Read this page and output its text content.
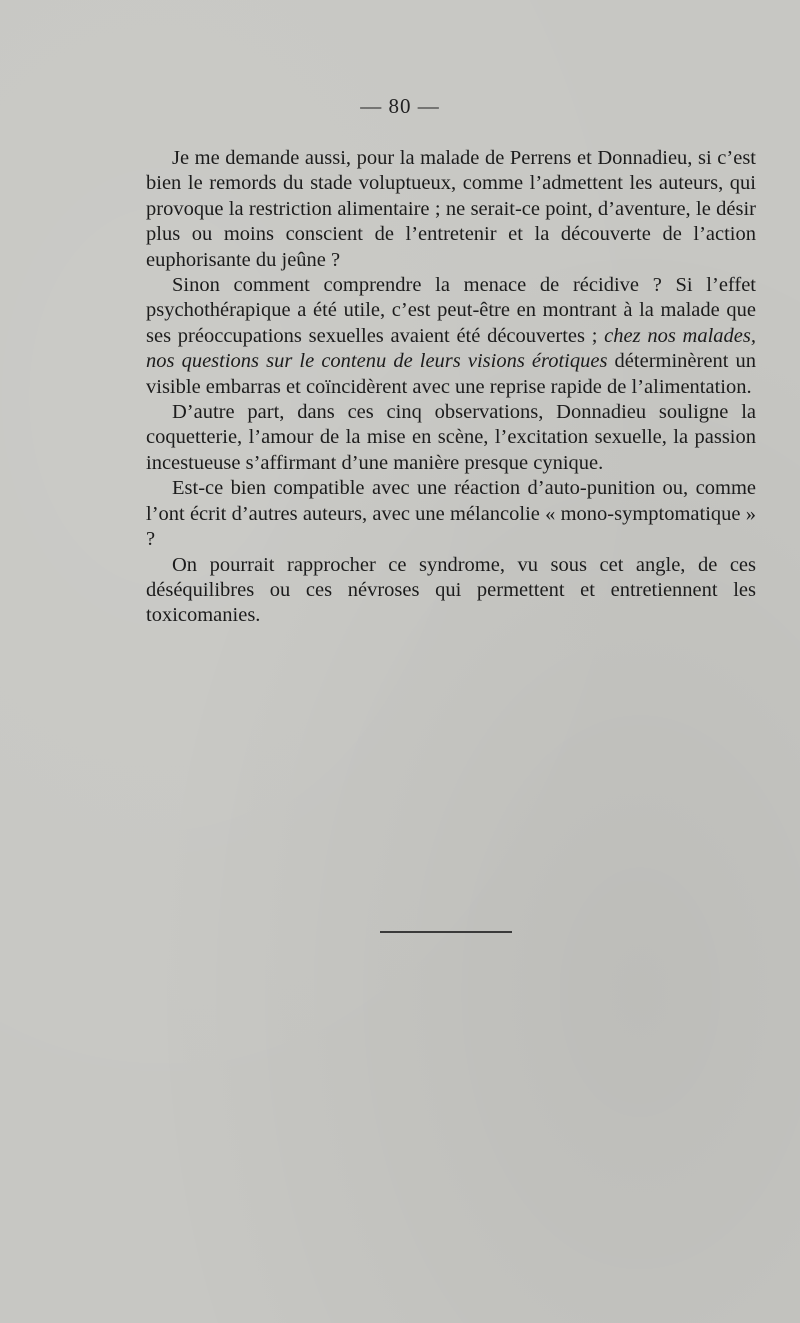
— 80 —

Je me demande aussi, pour la malade de Perrens et Donnadieu, si c’est bien le remords du stade voluptueux, comme l’admettent les auteurs, qui provoque la restriction alimentaire ; ne serait-ce point, d’aventure, le désir plus ou moins conscient de l’entretenir et la découverte de l’action euphorisante du jeûne ?

Sinon comment comprendre la menace de récidive ? Si l’effet psychothérapique a été utile, c’est peut-être en montrant à la malade que ses préoccupations sexuelles avaient été découvertes ; chez nos malades, nos questions sur le contenu de leurs visions érotiques déterminèrent un visible embarras et coïncidèrent avec une reprise rapide de l’alimentation.

D’autre part, dans ces cinq observations, Donnadieu souligne la coquetterie, l’amour de la mise en scène, l’excitation sexuelle, la passion incestueuse s’affirmant d’une manière presque cynique.

Est-ce bien compatible avec une réaction d’auto-punition ou, comme l’ont écrit d’autres auteurs, avec une mélancolie « mono-symptomatique » ?

On pourrait rapprocher ce syndrome, vu sous cet angle, de ces déséquilibres ou ces névroses qui permettent et entretiennent les toxicomanies.
